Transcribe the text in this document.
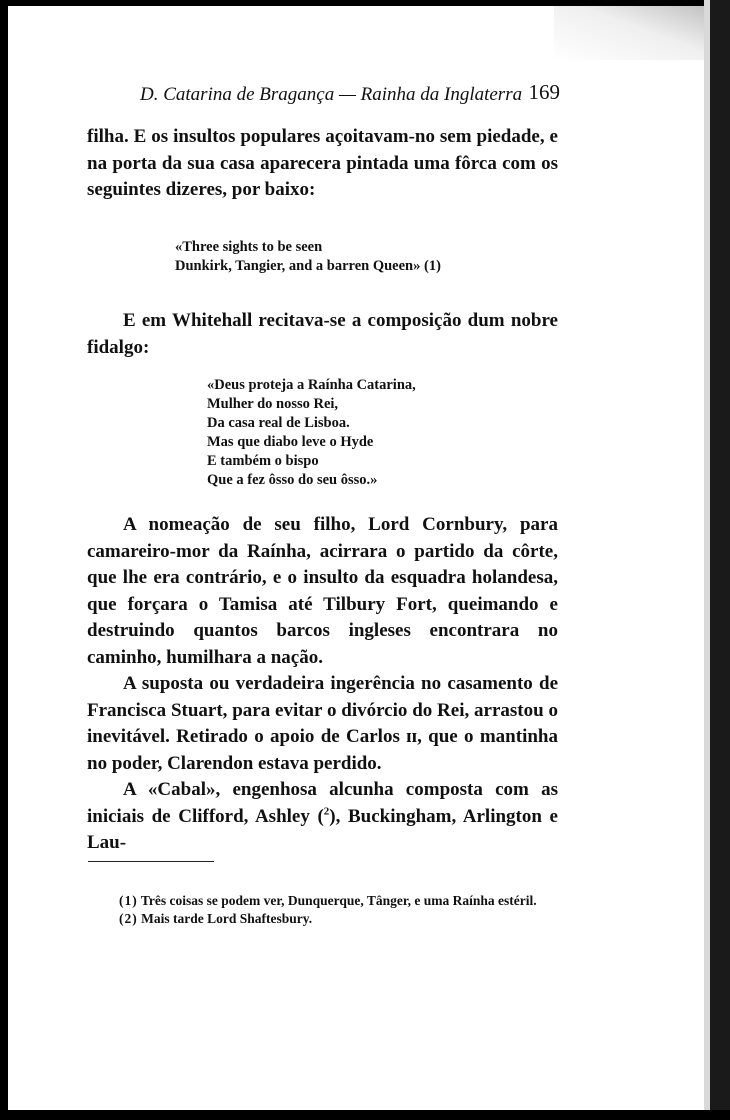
D. Catarina de Bragança — Rainha da Inglaterra 169
filha. E os insultos populares açoitavam-no sem piedade, e na porta da sua casa aparecera pintada uma fôrca com os seguintes dizeres, por baixo:
«Three sights to be seen
Dunkirk, Tangier, and a barren Queen» (1)
E em Whitehall recitava-se a composição dum nobre fidalgo:
«Deus proteja a Raínha Catarina,
Mulher do nosso Rei,
Da casa real de Lisboa.
Mas que diabo leve o Hyde
E também o bispo
Que a fez ôsso do seu ôsso.»
A nomeação de seu filho, Lord Cornbury, para camareiro-mor da Raínha, acirrara o partido da côrte, que lhe era contrário, e o insulto da esquadra holandesa, que forçara o Tamisa até Tilbury Fort, queimando e destruindo quantos barcos ingleses encontrara no caminho, humilhara a nação.
A suposta ou verdadeira ingerência no casamento de Francisca Stuart, para evitar o divórcio do Rei, arrastou o inevitável. Retirado o apoio de Carlos ɪɪ, que o mantinha no poder, Clarendon estava perdido.
A «Cabal», engenhosa alcunha composta com as iniciais de Clifford, Ashley ($^2$), Buckingham, Arlington e Lau-
(1) Três coisas se podem ver, Dunquerque, Tânger, e uma Raínha estéril.
(2) Mais tarde Lord Shaftesbury.
